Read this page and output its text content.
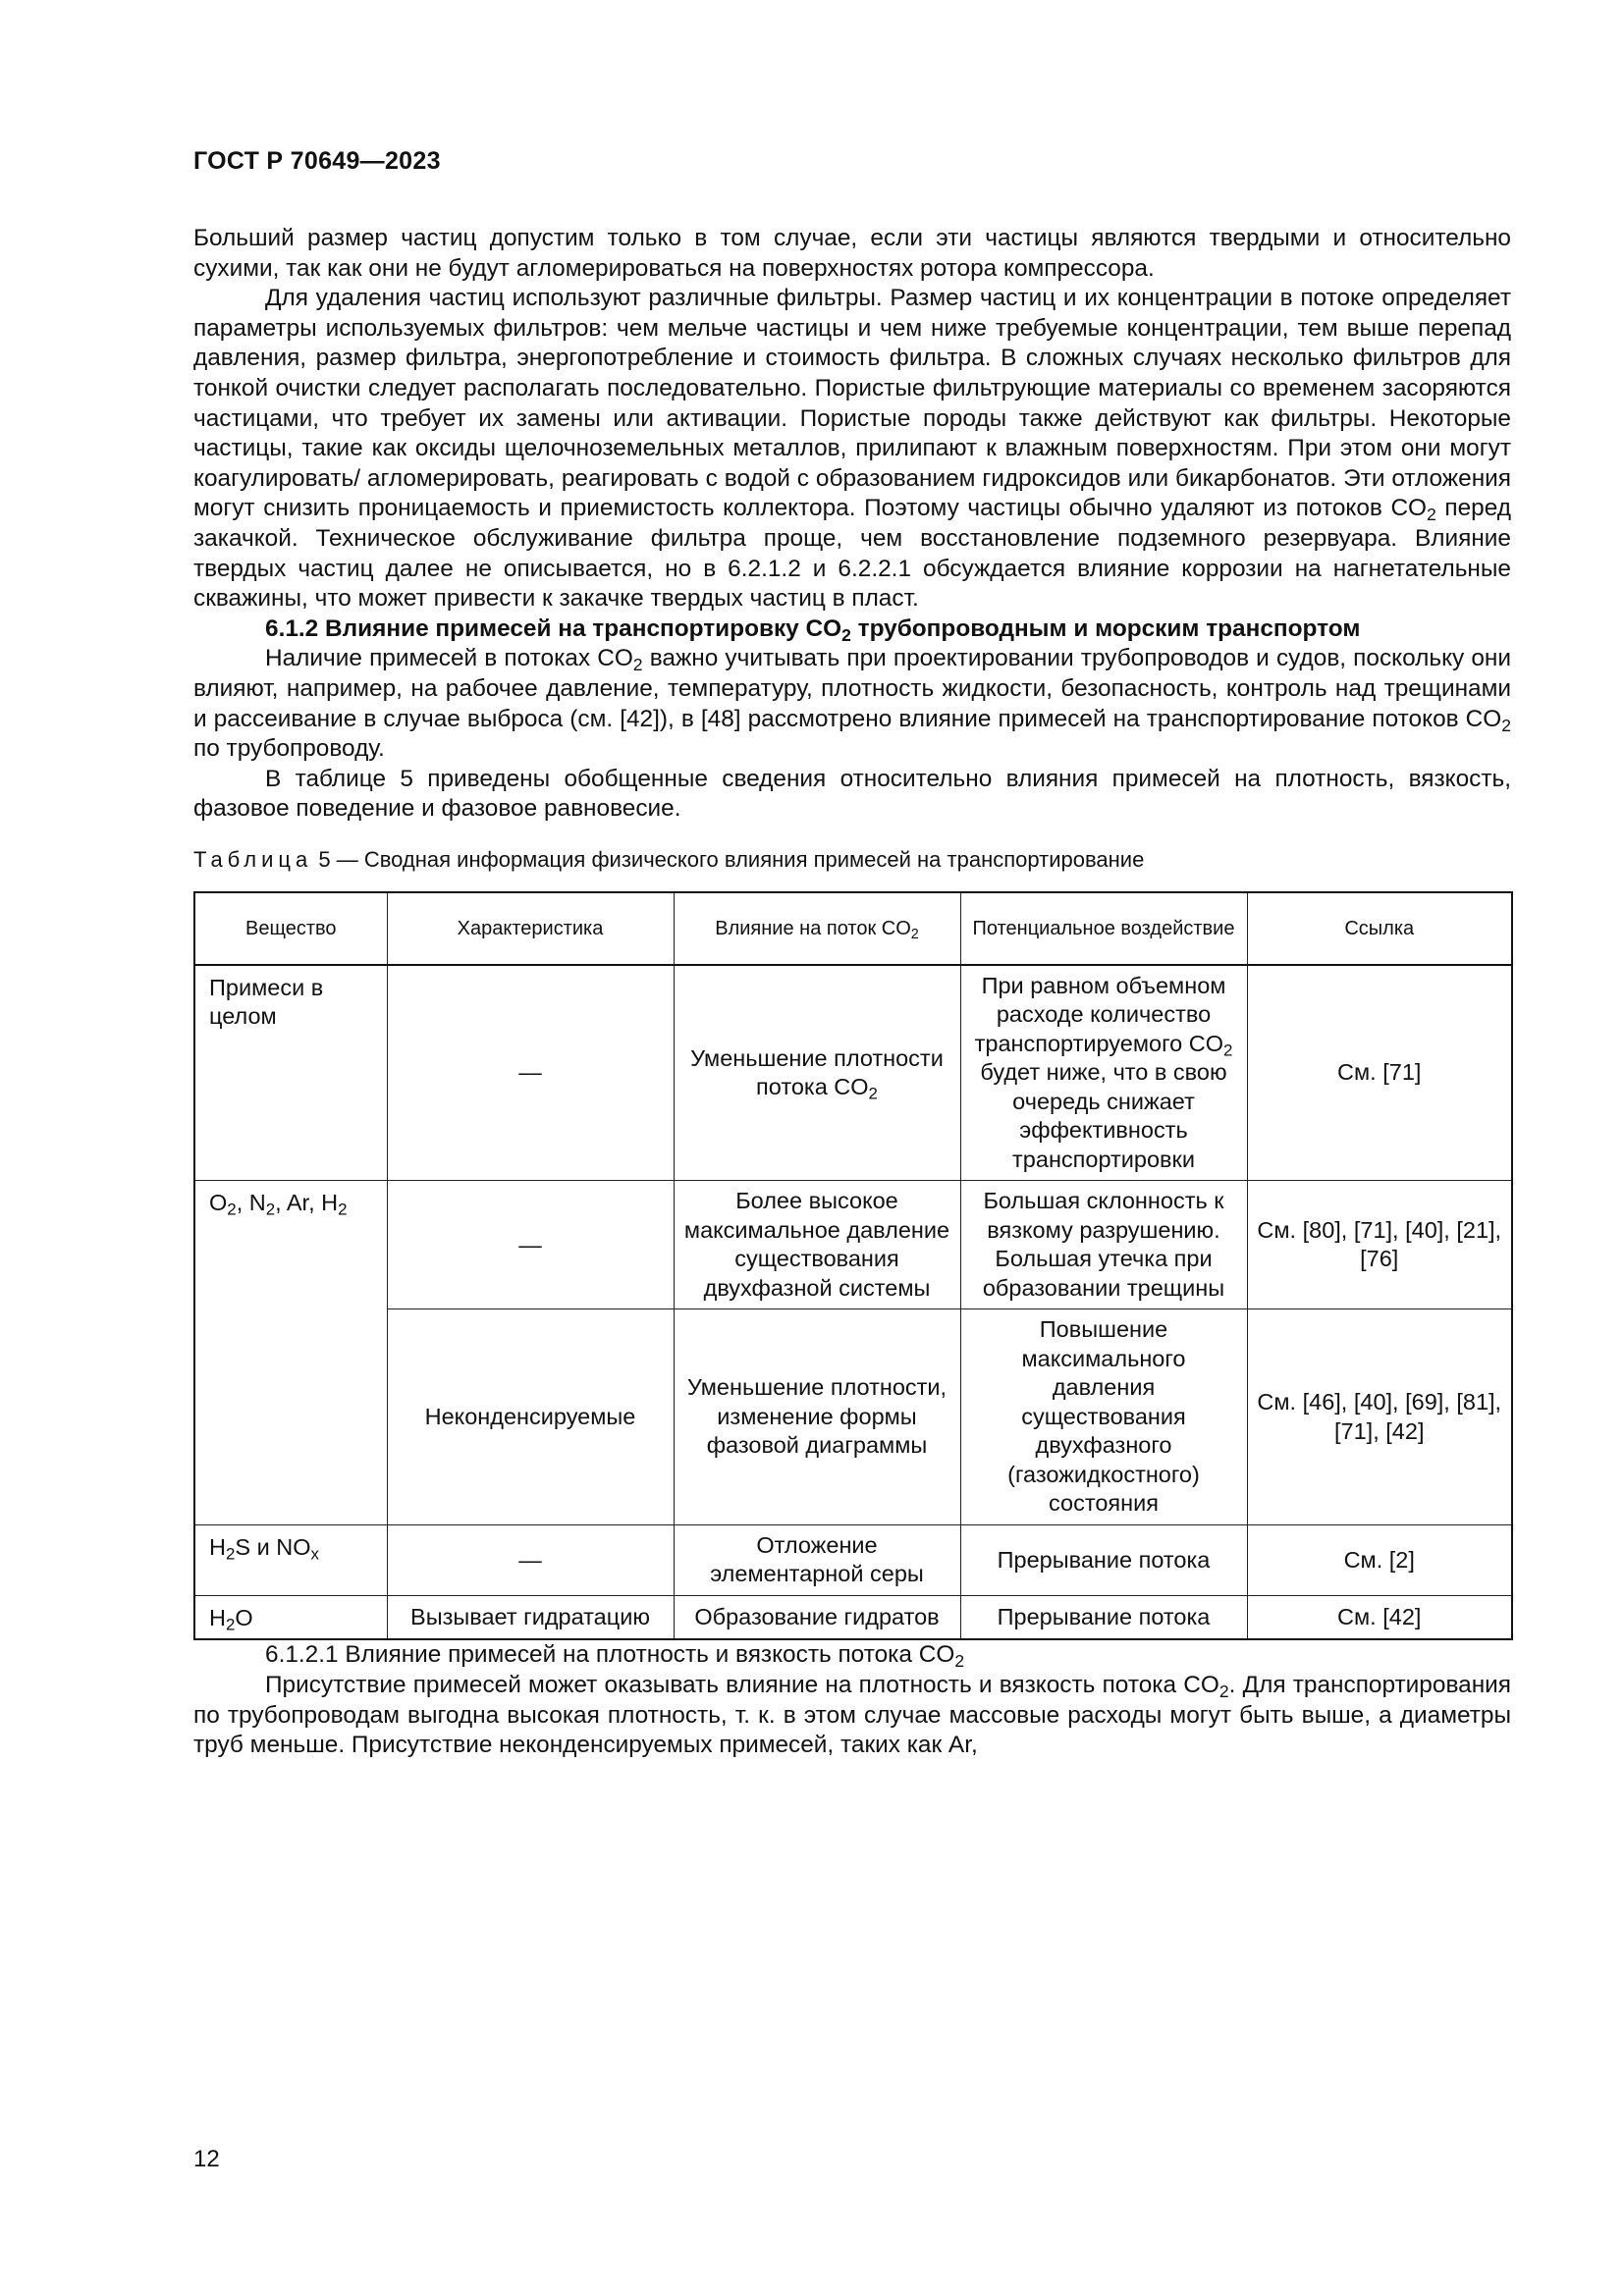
ГОСТ Р 70649—2023

Больший размер частиц допустим только в том случае, если эти частицы являются твердыми и относительно сухими, так как они не будут агломерироваться на поверхностях ротора компрессора.

Для удаления частиц используют различные фильтры. Размер частиц и их концентрации в потоке определяет параметры используемых фильтров: чем мельче частицы и чем ниже требуемые концентрации, тем выше перепад давления, размер фильтра, энергопотребление и стоимость фильтра. В сложных случаях несколько фильтров для тонкой очистки следует располагать последовательно. Пористые фильтрующие материалы со временем засоряются частицами, что требует их замены или активации. Пористые породы также действуют как фильтры. Некоторые частицы, такие как оксиды щелочноземельных металлов, прилипают к влажным поверхностям. При этом они могут коагулировать/ агломерировать, реагировать с водой с образованием гидроксидов или бикарбонатов. Эти отложения могут снизить проницаемость и приемистость коллектора. Поэтому частицы обычно удаляют из потоков $CO_2$ перед закачкой. Техническое обслуживание фильтра проще, чем восстановление подземного резервуара. Влияние твердых частиц далее не описывается, но в 6.2.1.2 и 6.2.2.1 обсуждается влияние коррозии на нагнетательные скважины, что может привести к закачке твердых частиц в пласт.

6.1.2 Влияние примесей на транспортировку $CO_2$ трубопроводным и морским транспортом

Наличие примесей в потоках $CO_2$ важно учитывать при проектировании трубопроводов и судов, поскольку они влияют, например, на рабочее давление, температуру, плотность жидкости, безопасность, контроль над трещинами и рассеивание в случае выброса (см. [42]), в [48] рассмотрено влияние примесей на транспортирование потоков $CO_2$ по трубопроводу.

В таблице 5 приведены обобщенные сведения относительно влияния примесей на плотность, вязкость, фазовое поведение и фазовое равновесие.

Таблица 5 — Сводная информация физического влияния примесей на транспортирование
Вещество	Характеристика	Влияние на поток $CO_2$	Потенциальное воздействие	Ссылка
Примеси в целом	—	Уменьшение плотности потока $CO_2$	При равном объемном расходе количество транспортируемого $CO_2$ будет ниже, что в свою очередь снижает эффективность транспортировки	См. [71]
$O_2$, $N_2$, Ar, $H_2$	—	Более высокое максимальное давление существования двухфазной системы	Большая склонность к вязкому разрушению. Большая утечка при образовании трещины	См. [80], [71], [40], [21], [76]
	Неконденсируемые	Уменьшение плотности, изменение формы фазовой диаграммы	Повышение максимального давления существования двухфазного (газожидкостного) состояния	См. [46], [40], [69], [81], [71], [42]
$H_2S$ и $NO_x$	—	Отложение элементарной серы	Прерывание потока	См. [2]
$H_2O$	Вызывает гидратацию	Образование гидратов	Прерывание потока	См. [42]

6.1.2.1 Влияние примесей на плотность и вязкость потока $CO_2$

Присутствие примесей может оказывать влияние на плотность и вязкость потока $CO_2$. Для транспортирования по трубопроводам выгодна высокая плотность, т. к. в этом случае массовые расходы могут быть выше, а диаметры труб меньше. Присутствие неконденсируемых примесей, таких как Ar,

12
